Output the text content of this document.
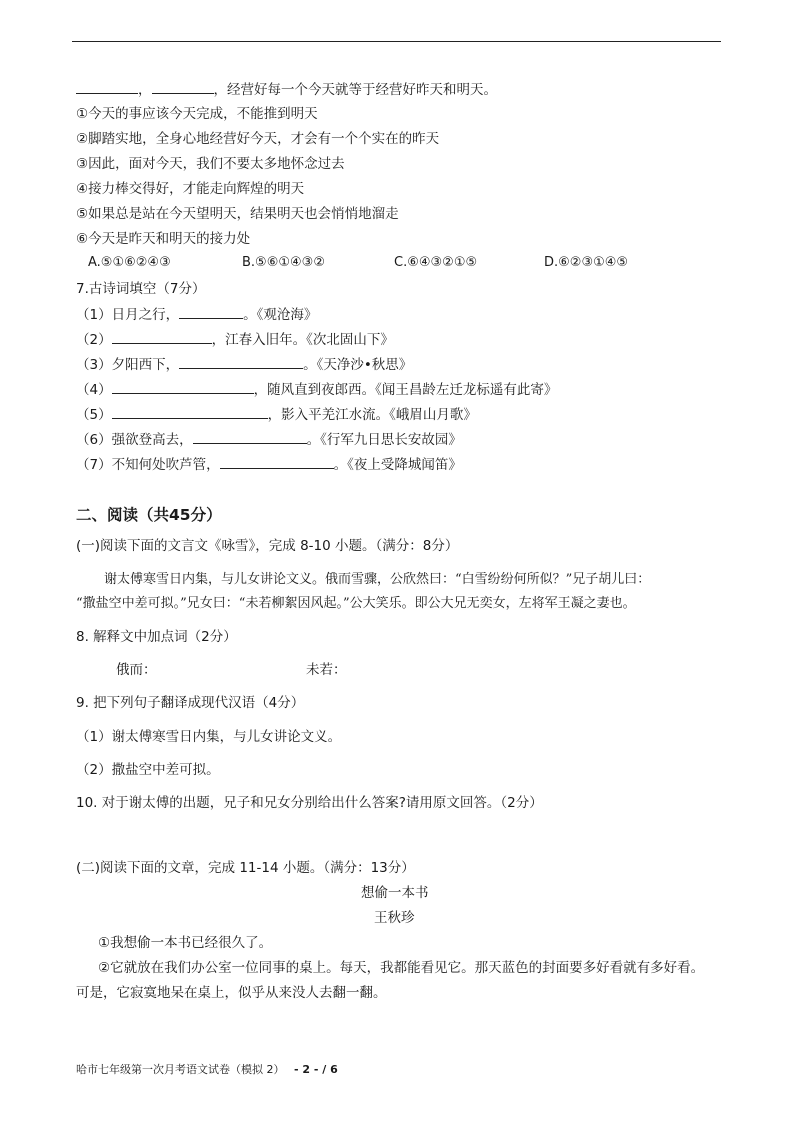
，	，经营好每一个今天就等于经营好昨天和明天。
①今天的事应该今天完成，不能推到明天
②脚踏实地，全身心地经营好今天，才会有一个个实在的昨天
③因此，面对今天，我们不要太多地怀念过去
④接力棒交得好，才能走向辉煌的明天
⑤如果总是站在今天望明天，结果明天也会悄悄地溜走
⑥今天是昨天和明天的接力处
A.⑤①⑥②④③	B.⑤⑥①④③②	C.⑥④③②①⑤	D.⑥②③①④⑤
7.古诗词填空（7分）
（1）日月之行，	。《观沧海》
（2）	，江春入旧年。《次北固山下》
（3）夕阳西下，	。《天净沙•秋思》
（4）	，随风直到夜郎西。《闻王昌龄左迁龙标遥有此寄》
（5）	，影入平羌江水流。《峨眉山月歌》
（6）强欲登高去，	。《行军九日思长安故园》
（7）不知何处吹芦管，	。《夜上受降城闻笛》
二、阅读（共45分）
(一)阅读下面的文言文《咏雪》，完成 8-10 小题。（满分：8分）
谢太傅寒雪日内集，与儿女讲论文义。俄而雪骤，公欣然曰：“白雪纷纷何所似？”兄子胡儿曰：
“撒盐空中差可拟。”兄女曰：“未若柳絮因风起。”公大笑乐。即公大兄无奕女，左将军王凝之妻也。
8. 解释文中加点词（2分）
俄而：	未若：
9. 把下列句子翻译成现代汉语（4分）
（1）谢太傅寒雪日内集，与儿女讲论文义。
（2）撒盐空中差可拟。
10. 对于谢太傅的出题，兄子和兄女分别给出什么答案?请用原文回答。（2分）
(二)阅读下面的文章，完成 11-14 小题。（满分：13分）
想偷一本书
王秋珍
①我想偷一本书已经很久了。
②它就放在我们办公室一位同事的桌上。每天，我都能看见它。那天蓝色的封面要多好看就有多好看。
可是，它寂寞地呆在桌上，似乎从来没人去翻一翻。
哈市七年级第一次月考语文试卷（模拟 2） - 2 - / 6
